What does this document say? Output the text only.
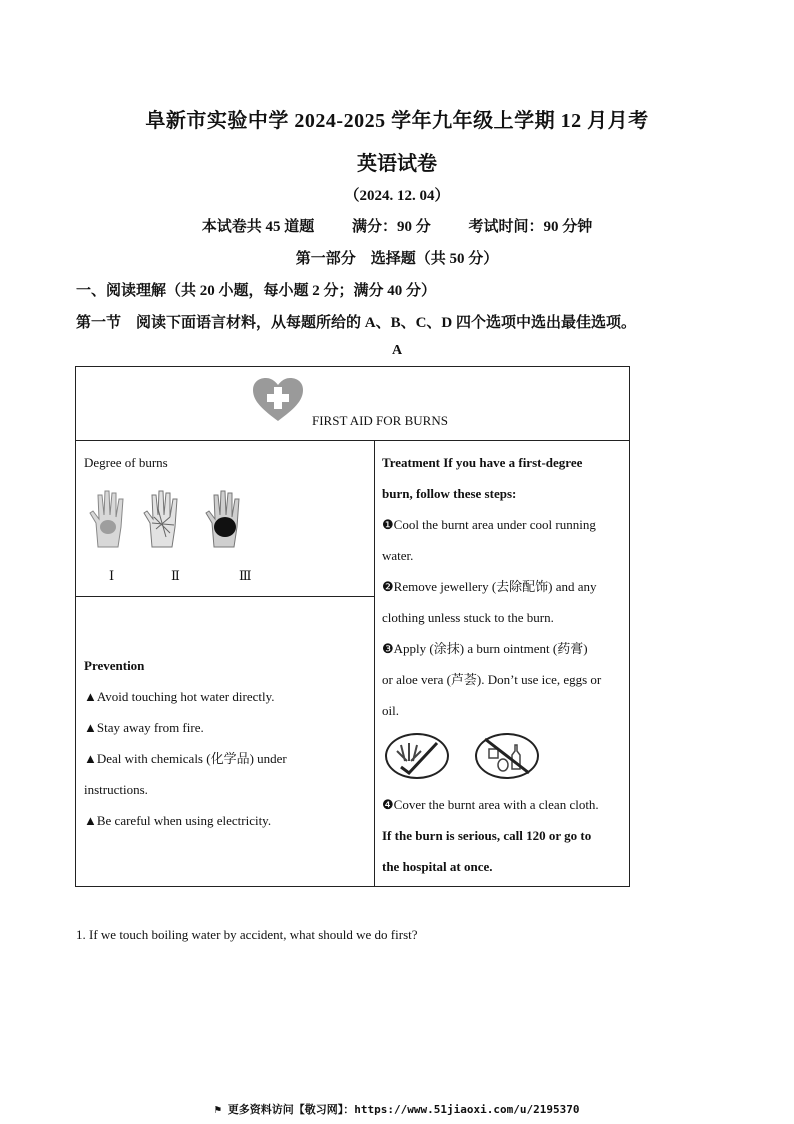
阜新市实验中学 2024-2025 学年九年级上学期 12 月月考
英语试卷
（2024. 12. 04）
本试卷共 45 道题	满分：90 分	考试时间：90 分钟
第一部分　选择题（共 50 分）
一、阅读理解（共 20 小题，每小题 2 分；满分 40 分）
第一节　阅读下面语言材料，从每题所给的 A、B、C、D 四个选项中选出最佳选项。
A
FIRST AID FOR BURNS
Degree of burns
Ⅰ	Ⅱ	Ⅲ
Prevention
▲Avoid touching hot water directly.
▲Stay away from fire.
▲Deal with chemicals (化学品) under
instructions.
▲Be careful when using electricity.
Treatment If you have a first-degree
burn, follow these steps:
❶Cool the burnt area under cool running
water.
❷Remove jewellery (去除配饰) and any
clothing unless stuck to the burn.
❸Apply (涂抹) a burn ointment (药膏)
or aloe vera (芦荟). Don’t use ice, eggs or
oil.
❹Cover the burnt area with a clean cloth.
If the burn is serious, call 120 or go to
the hospital at once.
1. If we touch boiling water by accident, what should we do first?
⚑ 更多资料访问【敬习网】：https://www.51jiaoxi.com/u/2195370
